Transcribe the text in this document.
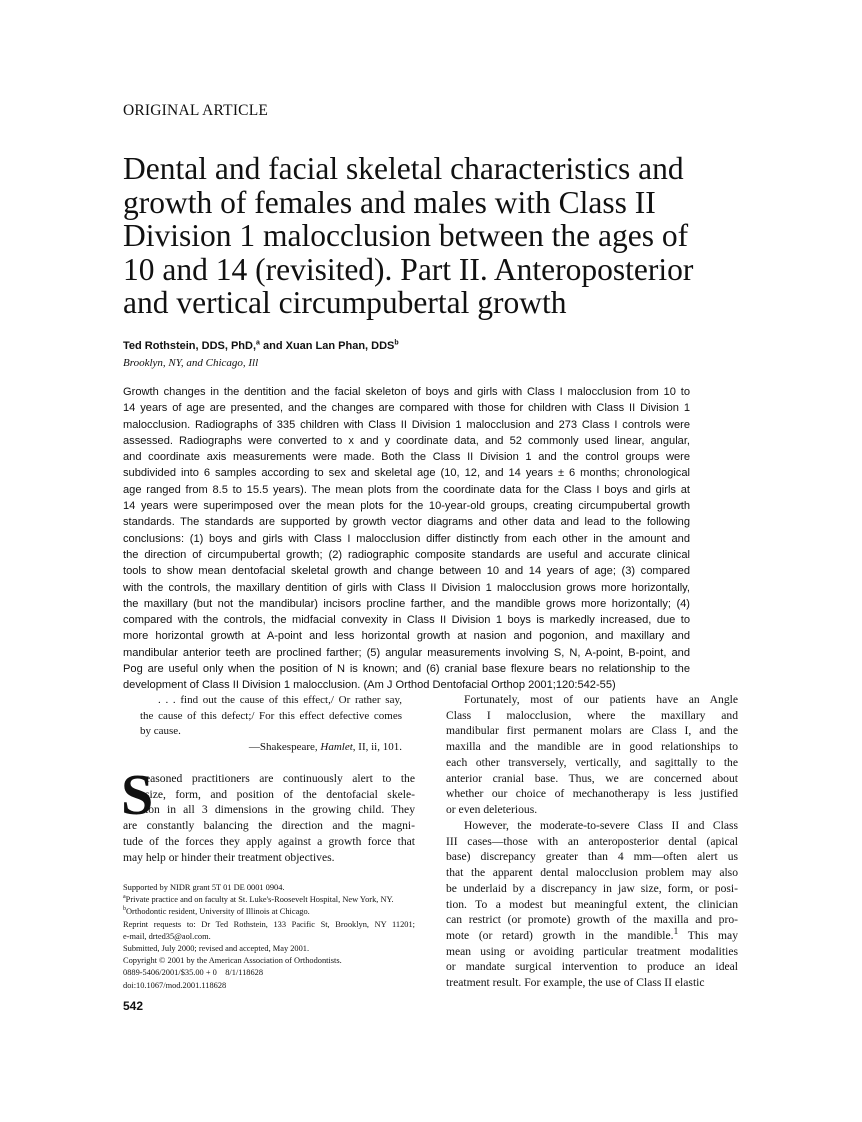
ORIGINAL ARTICLE
Dental and facial skeletal characteristics and
growth of females and males with Class II
Division 1 malocclusion between the ages of
10 and 14 (revisited). Part II. Anteroposterior
and vertical circumpubertal growth
Ted Rothstein, DDS, PhD,$^a$ and Xuan Lan Phan, DDS$^b$
Brooklyn, NY, and Chicago, Ill
Growth changes in the dentition and the facial skeleton of boys and girls with Class I malocclusion from 10 to
14 years of age are presented, and the changes are compared with those for children with Class II Division 1
malocclusion. Radiographs of 335 children with Class II Division 1 malocclusion and 273 Class I controls were
assessed. Radiographs were converted to x and y coordinate data, and 52 commonly used linear, angular,
and coordinate axis measurements were made. Both the Class II Division 1 and the control groups were
subdivided into 6 samples according to sex and skeletal age (10, 12, and 14 years ± 6 months; chronological
age ranged from 8.5 to 15.5 years). The mean plots from the coordinate data for the Class I boys and girls at
14 years were superimposed over the mean plots for the 10-year-old groups, creating circumpubertal growth
standards. The standards are supported by growth vector diagrams and other data and lead to the following
conclusions: (1) boys and girls with Class I malocclusion differ distinctly from each other in the amount and
the direction of circumpubertal growth; (2) radiographic composite standards are useful and accurate clinical
tools to show mean dentofacial skeletal growth and change between 10 and 14 years of age; (3) compared
with the controls, the maxillary dentition of girls with Class II Division 1 malocclusion grows more horizontally,
the maxillary (but not the mandibular) incisors procline farther, and the mandible grows more horizontally; (4)
compared with the controls, the midfacial convexity in Class II Division 1 boys is markedly increased, due to
more horizontal growth at A-point and less horizontal growth at nasion and pogonion, and maxillary and
mandibular anterior teeth are proclined farther; (5) angular measurements involving S, N, A-point, B-point, and
Pog are useful only when the position of N is known; and (6) cranial base flexure bears no relationship to the
development of Class II Division 1 malocclusion. (Am J Orthod Dentofacial Orthop 2001;120:542-55)
. . . find out the cause of this effect,/ Or rather say,
the cause of this defect;/ For this effect defective comes
by cause.
—Shakespeare, Hamlet, II, ii, 101.
S
easoned practitioners are continuously alert to the
size, form, and position of the dentofacial skele-
ton in all 3 dimensions in the growing child. They
are constantly balancing the direction and the magni-
tude of the forces they apply against a growth force that
may help or hinder their treatment objectives.
Supported by NIDR grant 5T 01 DE 0001 0904.
$^a$Private practice and on faculty at St. Luke's-Roosevelt Hospital, New York, NY.
$^b$Orthodontic resident, University of Illinois at Chicago.
Reprint requests to: Dr Ted Rothstein, 133 Pacific St, Brooklyn, NY 11201;
e-mail, drted35@aol.com.
Submitted, July 2000; revised and accepted, May 2001.
Copyright © 2001 by the American Association of Orthodontists.
0889-5406/2001/$35.00 + 0    8/1/118628
doi:10.1067/mod.2001.118628
542
Fortunately, most of our patients have an Angle
Class I malocclusion, where the maxillary and
mandibular first permanent molars are Class I, and the
maxilla and the mandible are in good relationships to
each other transversely, vertically, and sagittally to the
anterior cranial base. Thus, we are concerned about
whether our choice of mechanotherapy is less justified
or even deleterious.
However, the moderate-to-severe Class II and Class
III cases—those with an anteroposterior dental (apical
base) discrepancy greater than 4 mm—often alert us
that the apparent dental malocclusion problem may also
be underlaid by a discrepancy in jaw size, form, or posi-
tion. To a modest but meaningful extent, the clinician
can restrict (or promote) growth of the maxilla and pro-
mote (or retard) growth in the mandible.$^1$ This may
mean using or avoiding particular treatment modalities
or mandate surgical intervention to produce an ideal
treatment result. For example, the use of Class II elastic
